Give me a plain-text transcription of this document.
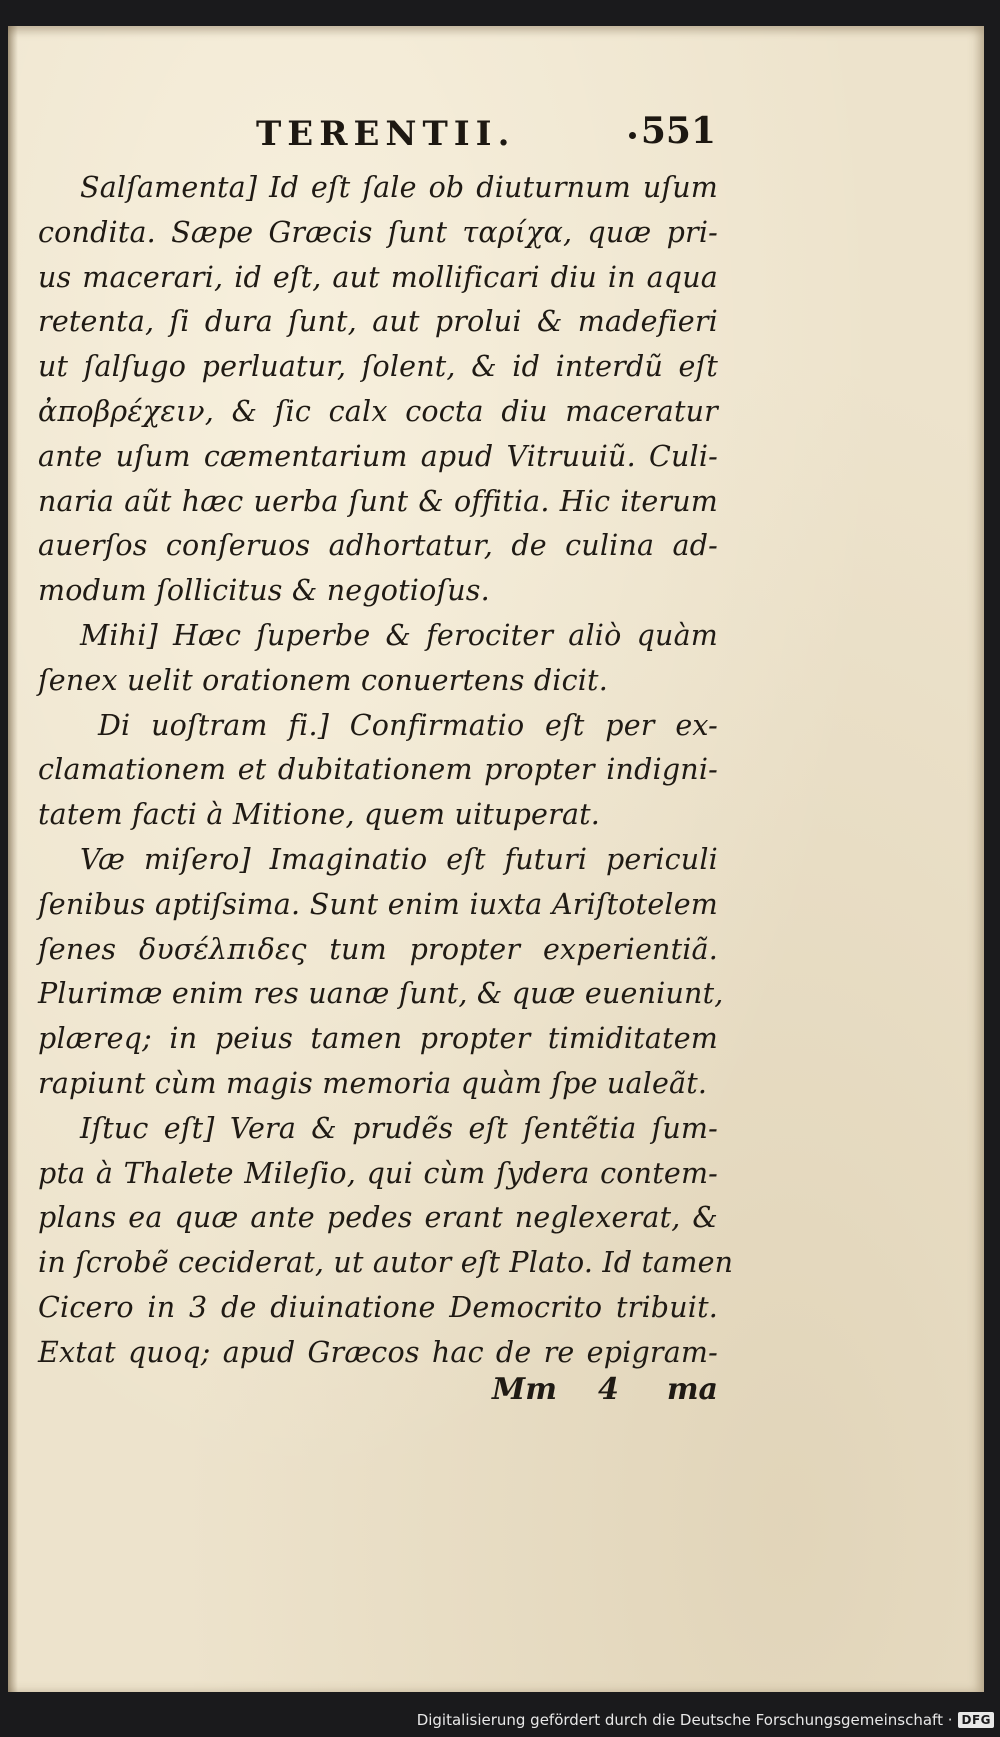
TERENTII.	551
Salſamenta] Id eſt ſale ob diuturnum uſum
condita. Sæpe Græcis ſunt ταρίχα, quæ pri-
us macerari, id eſt, aut mollificari diu in aqua
retenta, ſi dura ſunt, aut prolui & madefieri
ut ſalſugo perluatur, ſolent, & id interdũ eſt
ἀποβρέχειν, & ſic calx cocta diu maceratur
ante uſum cæmentarium apud Vitruuiũ. Culi-
naria aũt hæc uerba ſunt & offitia. Hic iterum
auerſos conſeruos adhortatur, de culina ad-
modum ſollicitus & negotioſus.
Mihi] Hæc ſuperbe & ferociter aliò quàm
ſenex uelit orationem conuertens dicit.
Di uoſtram fi.] Confirmatio eſt per ex-
clamationem et dubitationem propter indigni-
tatem facti à Mitione, quem uituperat.
Væ miſero] Imaginatio eſt futuri periculi
ſenibus aptiſsima. Sunt enim iuxta Ariſtotelem
ſenes δυσέλπιδες tum propter experientiã.
Plurimæ enim res uanæ ſunt, & quæ eueniunt,
plæreq; in peius tamen propter timiditatem
rapiunt cùm magis memoria quàm ſpe ualeãt.
Iſtuc eſt] Vera & prudẽs eſt ſentẽtia ſum-
pta à Thalete Mileſio, qui cùm ſydera contem-
plans ea quæ ante pedes erant neglexerat, &
in ſcrobẽ ceciderat, ut autor eſt Plato. Id tamen
Cicero in 3 de diuinatione Democrito tribuit.
Extat quoq; apud Græcos hac de re epigram-
Mm 4 ma
Digitalisierung gefördert durch die Deutsche Forschungsgemeinschaft · DFG
